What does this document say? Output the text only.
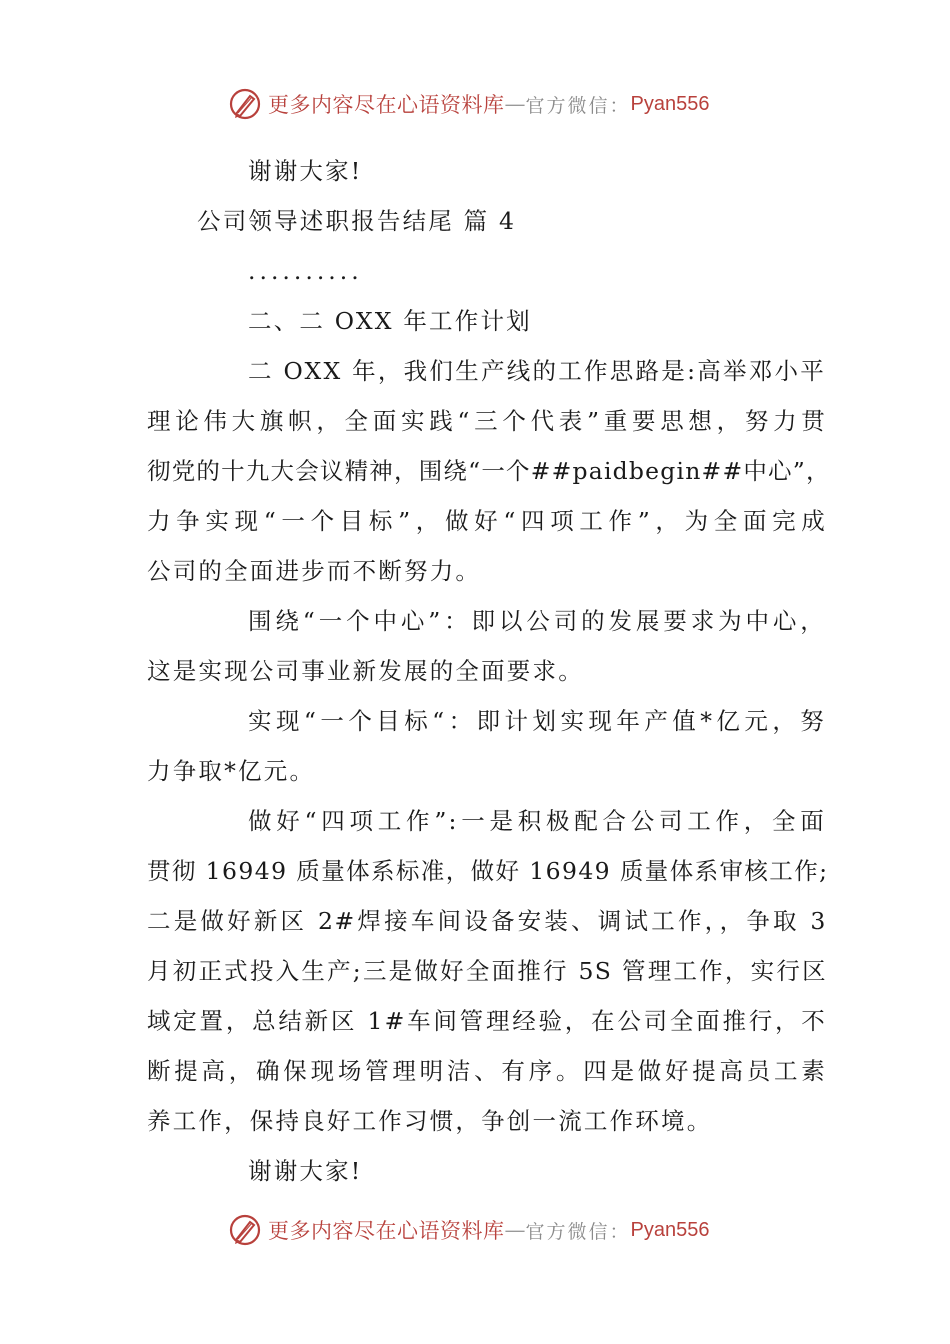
更多内容尽在心语资料库 — 官方微信： Pyan556
谢谢大家!
公司领导述职报告结尾 篇 4
..........
二、二 OXX 年工作计划
二 OXX 年，我们生产线的工作思路是:高举邓小平
理论伟大旗帜，全面实践“三个代表”重要思想，努力贯
彻党的十九大会议精神，围绕“一个##paidbegin##中心”，
力争实现“一个目标”，做好“四项工作”，为全面完成
公司的全面进步而不断努力。
围绕“一个中心”：即以公司的发展要求为中心，
这是实现公司事业新发展的全面要求。
实现“一个目标“：即计划实现年产值*亿元，努
力争取*亿元。
做好“四项工作”:一是积极配合公司工作，全面
贯彻 16949 质量体系标准，做好 16949 质量体系审核工作;
二是做好新区 2#焊接车间设备安装、调试工作，，争取 3
月初正式投入生产;三是做好全面推行 5S 管理工作，实行区
域定置，总结新区 1#车间管理经验，在公司全面推行，不
断提高，确保现场管理明洁、有序。四是做好提高员工素
养工作，保持良好工作习惯，争创一流工作环境。
谢谢大家!
更多内容尽在心语资料库 — 官方微信： Pyan556
